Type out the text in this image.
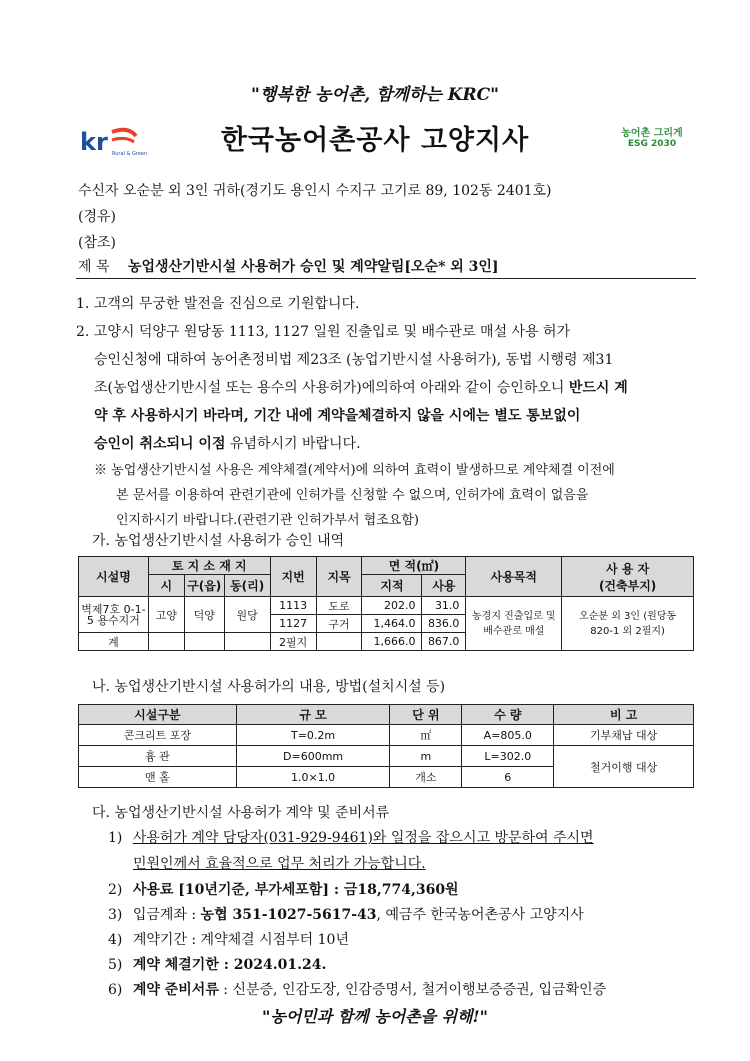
"행복한 농어촌, 함께하는 KRC"
kr Rural & Green	한국농어촌공사 고양지사	농어촌 그리게
ESG 2030
수신자 오순분 외 3인 귀하(경기도 용인시 수지구 고기로 89, 102동 2401호)
(경유)
(참조)
제 목 농업생산기반시설 사용허가 승인 및 계약알림[오순* 외 3인]
1. 고객의 무궁한 발전을 진심으로 기원합니다.
2. 고양시 덕양구 원당동 1113, 1127 일원 진출입로 및 배수관로 매설 사용 허가
승인신청에 대하여 농어촌정비법 제23조 (농업기반시설 사용허가), 동법 시행령 제31
조(농업생산기반시설 또는 용수의 사용허가)에의하여 아래와 같이 승인하오니 반드시 계
약 후 사용하시기 바라며, 기간 내에 계약을체결하지 않을 시에는 별도 통보없이
승인이 취소되니 이점 유념하시기 바랍니다.
※ 농업생산기반시설 사용은 계약체결(계약서)에 의하여 효력이 발생하므로 계약체결 이전에
본 문서를 이용하여 관련기관에 인허가를 신청할 수 없으며, 인허가에 효력이 없음을
인지하시기 바랍니다.(관련기관 인허가부서 협조요함)
가. 농업생산기반시설 사용허가 승인 내역
시설명	토 지 소 재 지			지번	지목	면 적(㎡)		사용목적	사 용 자
(건축부지)

	시	구(읍)	동(리)			지적	사용		
벽제7호 0-1-5 용수지거	고양	덕양	원당	1113	도로	202.0	31.0	농경지 진출입로 및 배수관로 매설	오순분 외 3인 (원당동 820-1 외 2필지)
				1127	구거	1,464.0	836.0		
계				2필지		1,666.0	867.0		
나. 농업생산기반시설 사용허가의 내용, 방법(설치시설 등)
시설구분	규 모	단 위	수 량	비 고
콘크리트 포장	T=0.2m	㎡	A=805.0	기부채납 대상
흄 관	D=600mm	m	L=302.0	철거이행 대상
맨 홀	1.0×1.0	개소	6	
다. 농업생산기반시설 사용허가 계약 및 준비서류
1) 사용허가 계약 담당자(031-929-9461)와 일정을 잡으시고 방문하여 주시면
민원인께서 효율적으로 업무 처리가 가능합니다.
2) 사용료 [10년기준, 부가세포함] : 금18,774,360원
3) 입금계좌 : 농협 351-1027-5617-43, 예금주 한국농어촌공사 고양지사
4) 계약기간 : 계약체결 시점부터 10년
5) 계약 체결기한 : 2024.01.24.
6) 계약 준비서류 : 신분증, 인감도장, 인감증명서, 철거이행보증증권, 입금확인증
"농어민과 함께 농어촌을 위해!"
